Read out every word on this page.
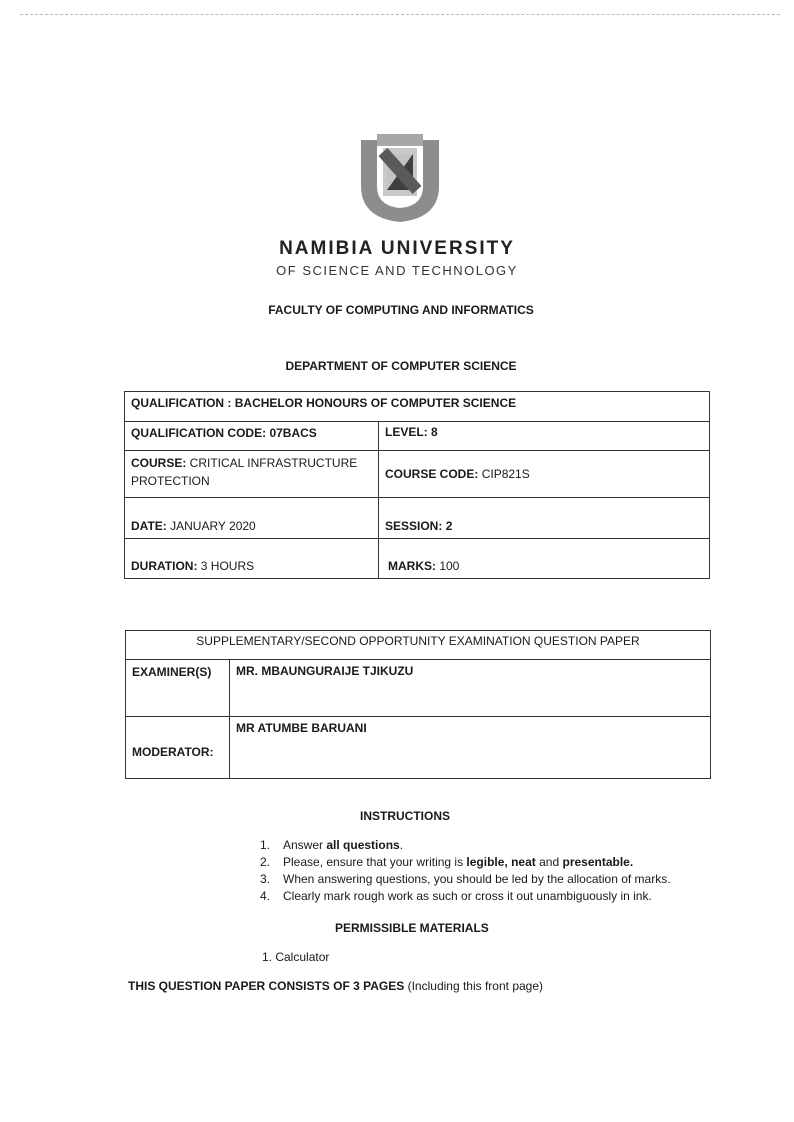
NAMIBIA UNIVERSITY
OF SCIENCE AND TECHNOLOGY
FACULTY OF COMPUTING AND INFORMATICS
DEPARTMENT OF COMPUTER SCIENCE
QUALIFICATION : BACHELOR HONOURS OF COMPUTER SCIENCE	
QUALIFICATION CODE: 07BACS	LEVEL: 8
COURSE: CRITICAL INFRASTRUCTURE PROTECTION	COURSE CODE: CIP821S
DATE: JANUARY 2020	SESSION: 2
DURATION: 3 HOURS	MARKS: 100
SUPPLEMENTARY/SECOND OPPORTUNITY EXAMINATION QUESTION PAPER	
EXAMINER(S)	MR. MBAUNGURAIJE TJIKUZU
MODERATOR:	MR ATUMBE BARUANI
INSTRUCTIONS
1. Answer all questions.
2. Please, ensure that your writing is legible, neat and presentable.
3. When answering questions, you should be led by the allocation of marks.
4. Clearly mark rough work as such or cross it out unambiguously in ink.
PERMISSIBLE MATERIALS
1. Calculator
THIS QUESTION PAPER CONSISTS OF 3 PAGES (Including this front page)
